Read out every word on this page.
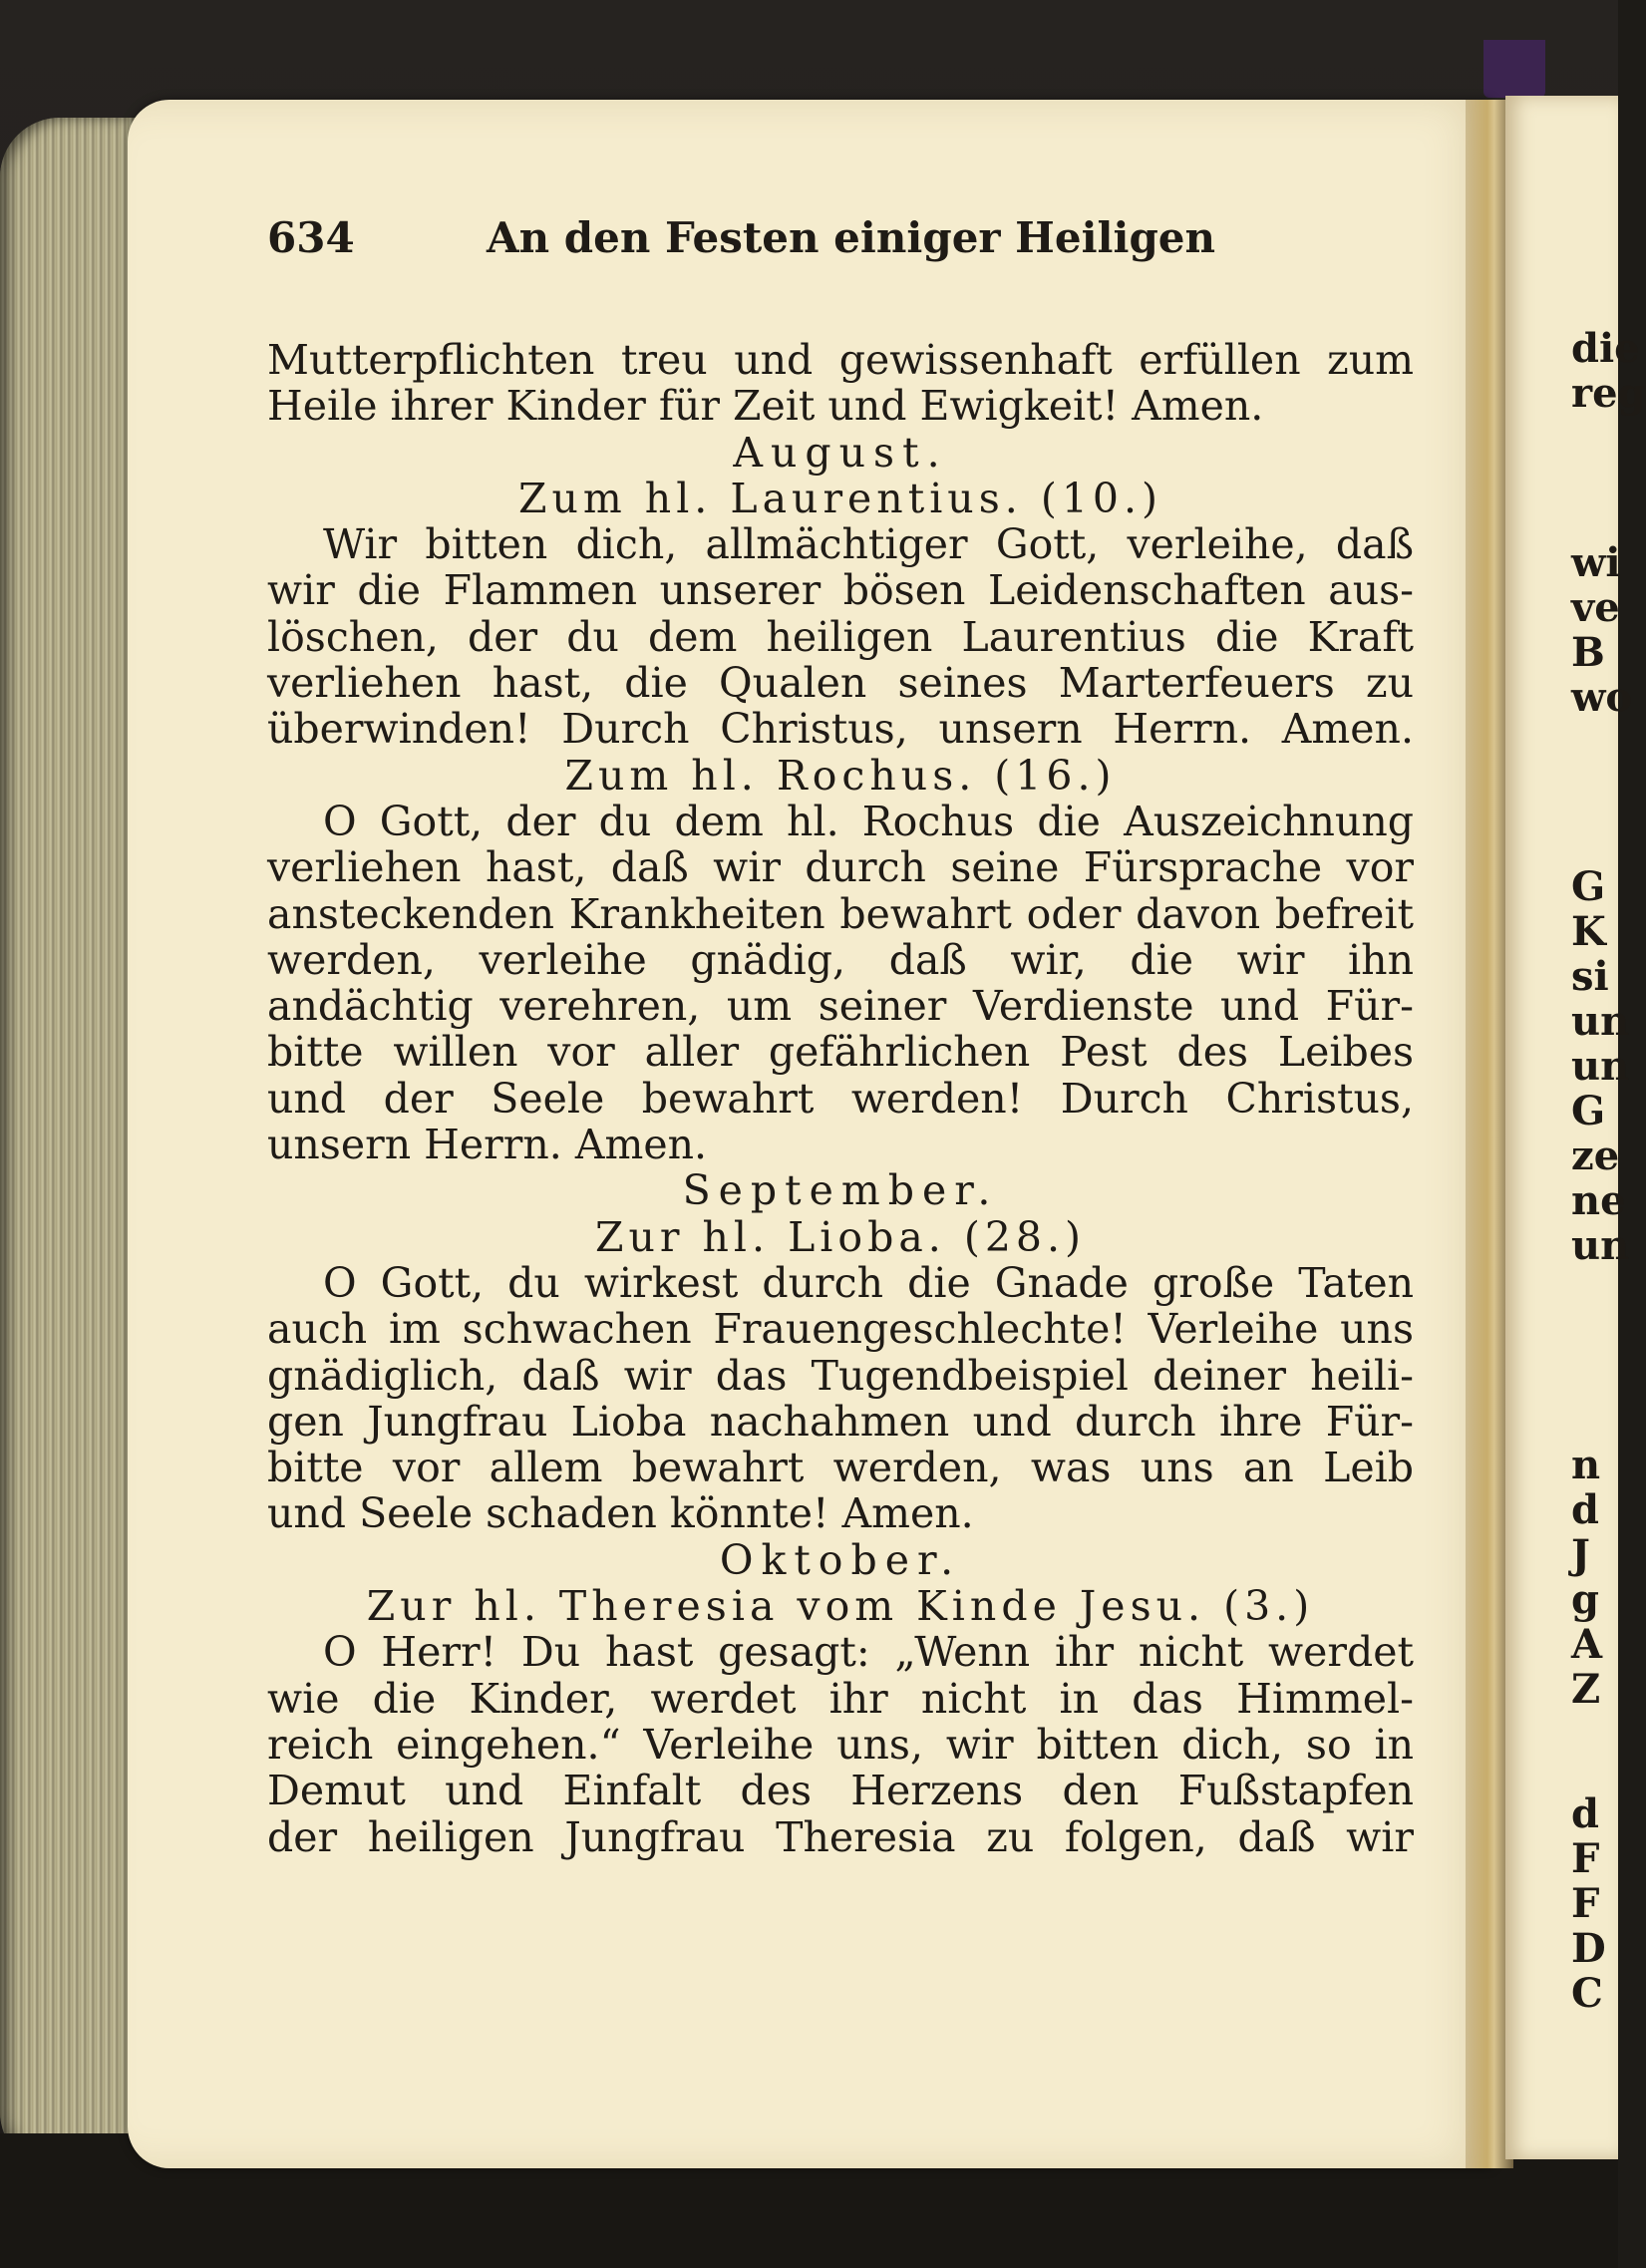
die
reg
wi
ve
B
wo
G
K
si
un
un
G
ze
ne
un
n
d
J
g
A
Z
d
F
F
D
C
634	An den Festen einiger Heiligen
Mutterpflichten treu und gewissenhaft erfüllen zum
Heile ihrer Kinder für Zeit und Ewigkeit! Amen.
August.
Zum hl. Laurentius. (10.)
Wir bitten dich, allmächtiger Gott, verleihe, daß
wir die Flammen unserer bösen Leidenschaften aus-
löschen, der du dem heiligen Laurentius die Kraft
verliehen hast, die Qualen seines Marterfeuers zu
überwinden! Durch Christus, unsern Herrn. Amen.
Zum hl. Rochus. (16.)
O Gott, der du dem hl. Rochus die Auszeichnung
verliehen hast, daß wir durch seine Fürsprache vor
ansteckenden Krankheiten bewahrt oder davon befreit
werden, verleihe gnädig, daß wir, die wir ihn
andächtig verehren, um seiner Verdienste und Für-
bitte willen vor aller gefährlichen Pest des Leibes
und der Seele bewahrt werden! Durch Christus,
unsern Herrn. Amen.
September.
Zur hl. Lioba. (28.)
O Gott, du wirkest durch die Gnade große Taten
auch im schwachen Frauengeschlechte! Verleihe uns
gnädiglich, daß wir das Tugendbeispiel deiner heili-
gen Jungfrau Lioba nachahmen und durch ihre Für-
bitte vor allem bewahrt werden, was uns an Leib
und Seele schaden könnte! Amen.
Oktober.
Zur hl. Theresia vom Kinde Jesu. (3.)
O Herr! Du hast gesagt: „Wenn ihr nicht werdet
wie die Kinder, werdet ihr nicht in das Himmel-
reich eingehen.“ Verleihe uns, wir bitten dich, so in
Demut und Einfalt des Herzens den Fußstapfen
der heiligen Jungfrau Theresia zu folgen, daß wir
